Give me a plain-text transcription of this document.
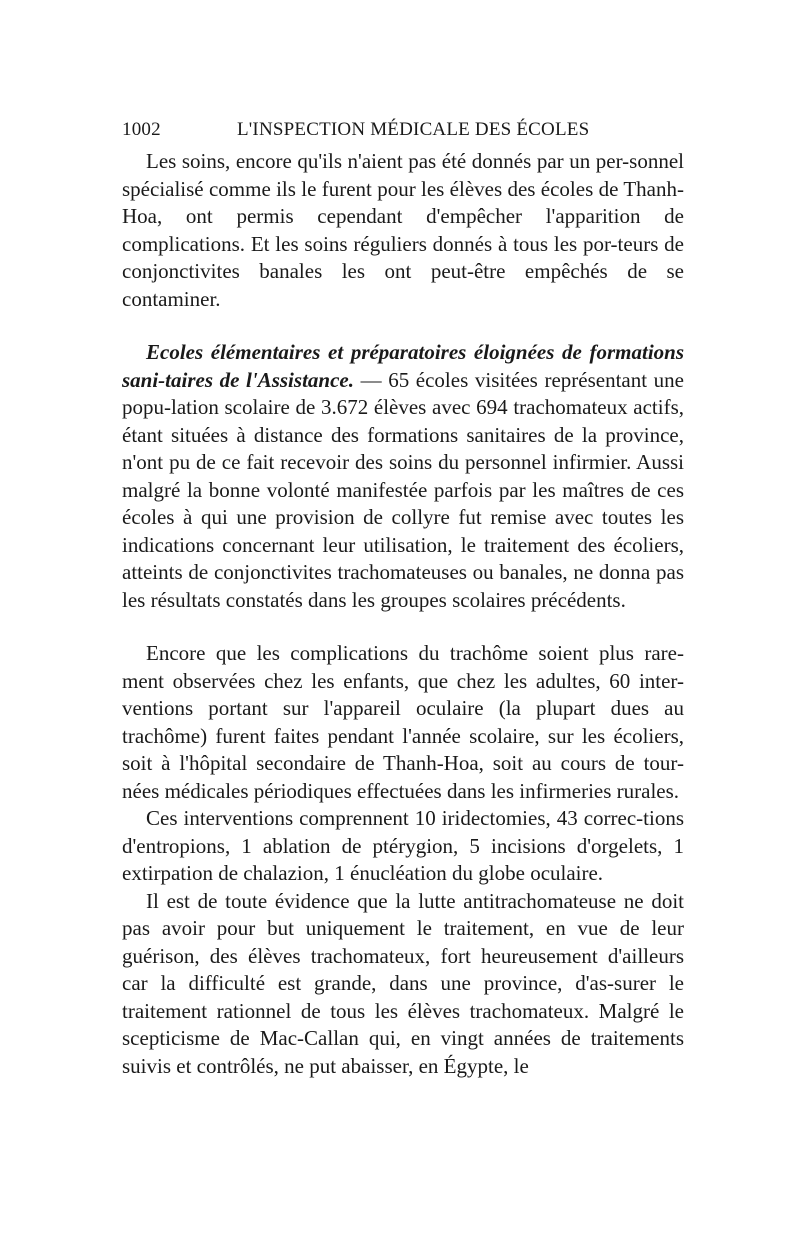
1002	L'INSPECTION MÉDICALE DES ÉCOLES

Les soins, encore qu'ils n'aient pas été donnés par un per-sonnel spécialisé comme ils le furent pour les élèves des écoles de Thanh-Hoa, ont permis cependant d'empêcher l'apparition de complications. Et les soins réguliers donnés à tous les por-teurs de conjonctivites banales les ont peut-être empêchés de se contaminer.

Ecoles élémentaires et préparatoires éloignées de formations sani-taires de l'Assistance. — 65 écoles visitées représentant une popu-lation scolaire de 3.672 élèves avec 694 trachomateux actifs, étant situées à distance des formations sanitaires de la province, n'ont pu de ce fait recevoir des soins du personnel infirmier. Aussi malgré la bonne volonté manifestée parfois par les maîtres de ces écoles à qui une provision de collyre fut remise avec toutes les indications concernant leur utilisation, le traitement des écoliers, atteints de conjonctivites trachomateuses ou banales, ne donna pas les résultats constatés dans les groupes scolaires précédents.

Encore que les complications du trachôme soient plus rare-ment observées chez les enfants, que chez les adultes, 60 inter-ventions portant sur l'appareil oculaire (la plupart dues au trachôme) furent faites pendant l'année scolaire, sur les écoliers, soit à l'hôpital secondaire de Thanh-Hoa, soit au cours de tour-nées médicales périodiques effectuées dans les infirmeries rurales.

Ces interventions comprennent 10 iridectomies, 43 correc-tions d'entropions, 1 ablation de ptérygion, 5 incisions d'orgelets, 1 extirpation de chalazion, 1 énucléation du globe oculaire.

Il est de toute évidence que la lutte antitrachomateuse ne doit pas avoir pour but uniquement le traitement, en vue de leur guérison, des élèves trachomateux, fort heureusement d'ailleurs car la difficulté est grande, dans une province, d'as-surer le traitement rationnel de tous les élèves trachomateux. Malgré le scepticisme de Mac-Callan qui, en vingt années de traitements suivis et contrôlés, ne put abaisser, en Égypte, le
